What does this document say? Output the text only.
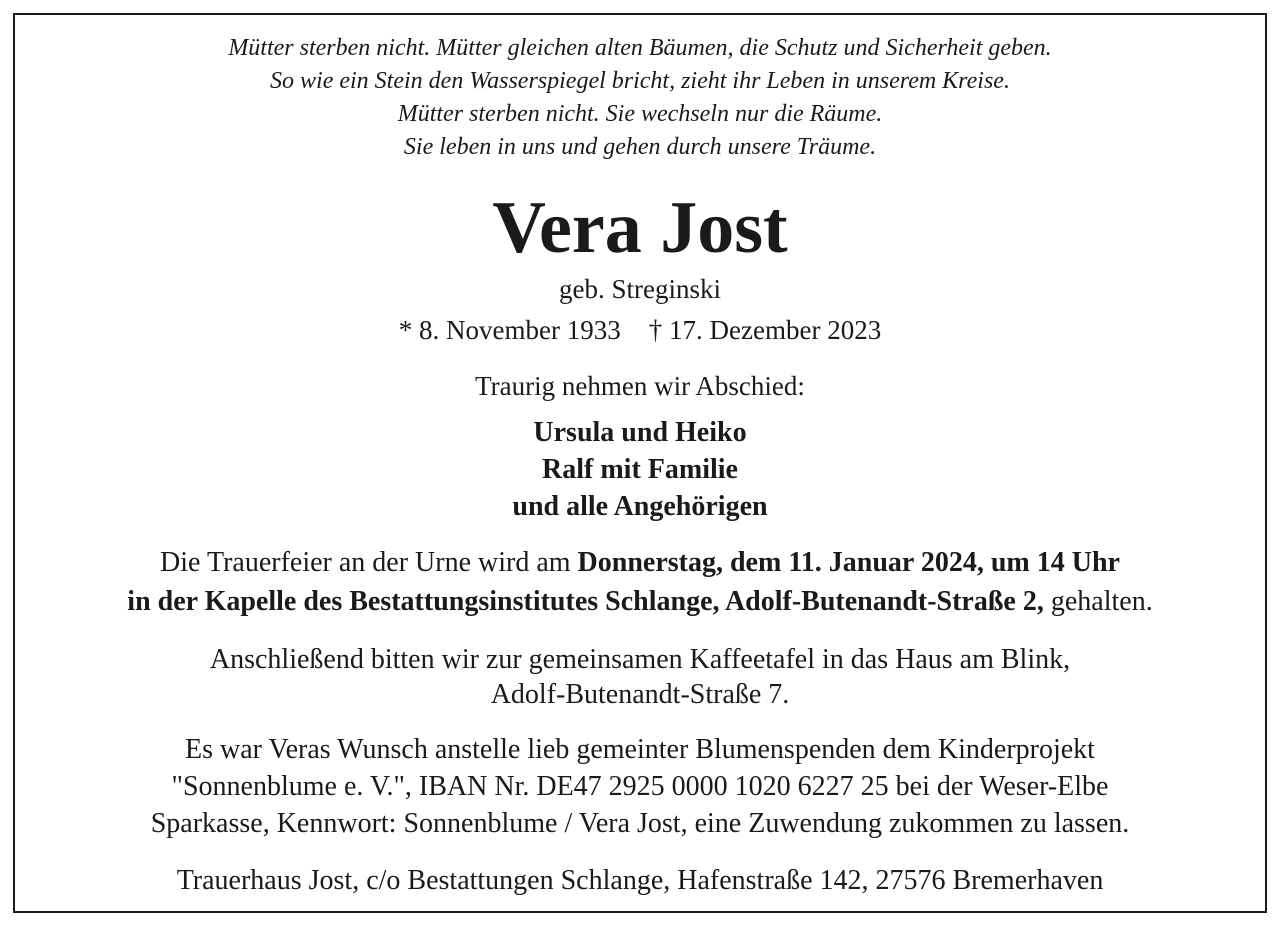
Mütter sterben nicht. Mütter gleichen alten Bäumen, die Schutz und Sicherheit geben.
So wie ein Stein den Wasserspiegel bricht, zieht ihr Leben in unserem Kreise.
Mütter sterben nicht. Sie wechseln nur die Räume.
Sie leben in uns und gehen durch unsere Träume.
Vera Jost
geb. Streginski
* 8. November 1933 † 17. Dezember 2023
Traurig nehmen wir Abschied:
Ursula und Heiko
Ralf mit Familie
und alle Angehörigen
Die Trauerfeier an der Urne wird am Donnerstag, dem 11. Januar 2024, um 14 Uhr
in der Kapelle des Bestattungsinstitutes Schlange, Adolf-Butenandt-Straße 2, gehalten.
Anschließend bitten wir zur gemeinsamen Kaffeetafel in das Haus am Blink,
Adolf-Butenandt-Straße 7.
Es war Veras Wunsch anstelle lieb gemeinter Blumenspenden dem Kinderprojekt
"Sonnenblume e. V.", IBAN Nr. DE47 2925 0000 1020 6227 25 bei der Weser-Elbe
Sparkasse, Kennwort: Sonnenblume / Vera Jost, eine Zuwendung zukommen zu lassen.
Trauerhaus Jost, c/o Bestattungen Schlange, Hafenstraße 142, 27576 Bremerhaven
